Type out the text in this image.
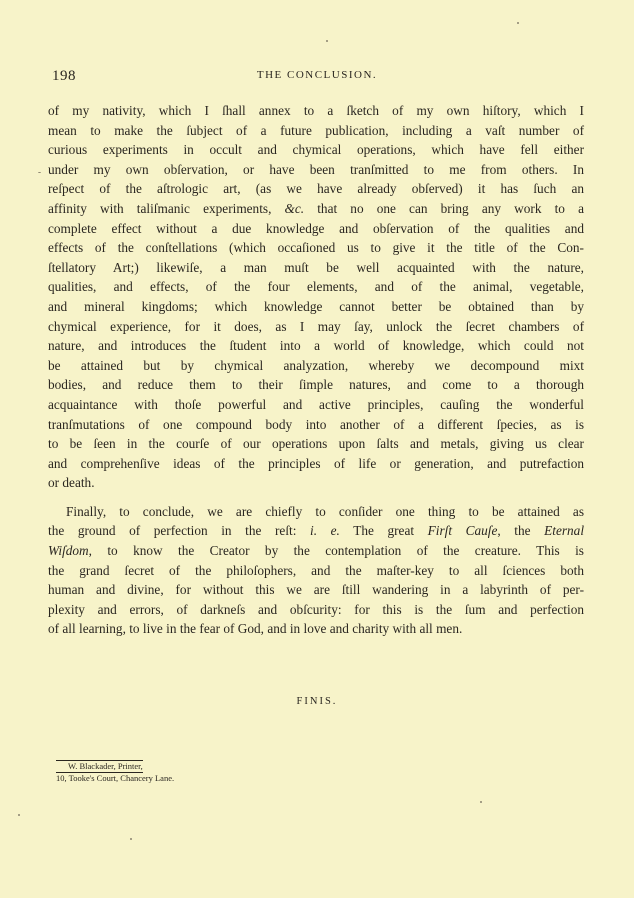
198	THE CONCLUSION.

of my nativity, which I ſhall annex to a ſketch of my own hiſtory, which I
mean to make the ſubject of a future publication, including a vaſt number of
curious experiments in occult and chymical operations, which have fell either
under my own obſervation, or have been tranſmitted to me from others. In
reſpect of the aſtrologic art, (as we have already obſerved) it has ſuch an
affinity with taliſmanic experiments, &c. that no one can bring any work to a
complete effect without a due knowledge and obſervation of the qualities and
effects of the conſtellations (which occaſioned us to give it the title of the Con-
ſtellatory Art;) likewiſe, a man muſt be well acquainted with the nature,
qualities, and effects, of the four elements, and of the animal, vegetable,
and mineral kingdoms; which knowledge cannot better be obtained than by
chymical experience, for it does, as I may ſay, unlock the ſecret chambers of
nature, and introduces the ſtudent into a world of knowledge, which could not
be attained but by chymical analyzation, whereby we decompound mixt
bodies, and reduce them to their ſimple natures, and come to a thorough
acquaintance with thoſe powerful and active principles, cauſing the wonderful
tranſmutations of one compound body into another of a different ſpecies, as is
to be ſeen in the courſe of our operations upon ſalts and metals, giving us clear
and comprehenſive ideas of the principles of life or generation, and putrefaction
or death.

Finally, to conclude, we are chiefly to conſider one thing to be attained as
the ground of perfection in the reſt: i. e. The great Firſt Cauſe, the Eternal
Wiſdom, to know the Creator by the contemplation of the creature. This is
the grand ſecret of the philoſophers, and the maſter-key to all ſciences both
human and divine, for without this we are ſtill wandering in a labyrinth of per-
plexity and errors, of darkneſs and obſcurity: for this is the ſum and perfection
of all learning, to live in the fear of God, and in love and charity with all men.

FINIS.
W. Blackader, Printer,
10, Tooke's Court, Chancery Lane.
